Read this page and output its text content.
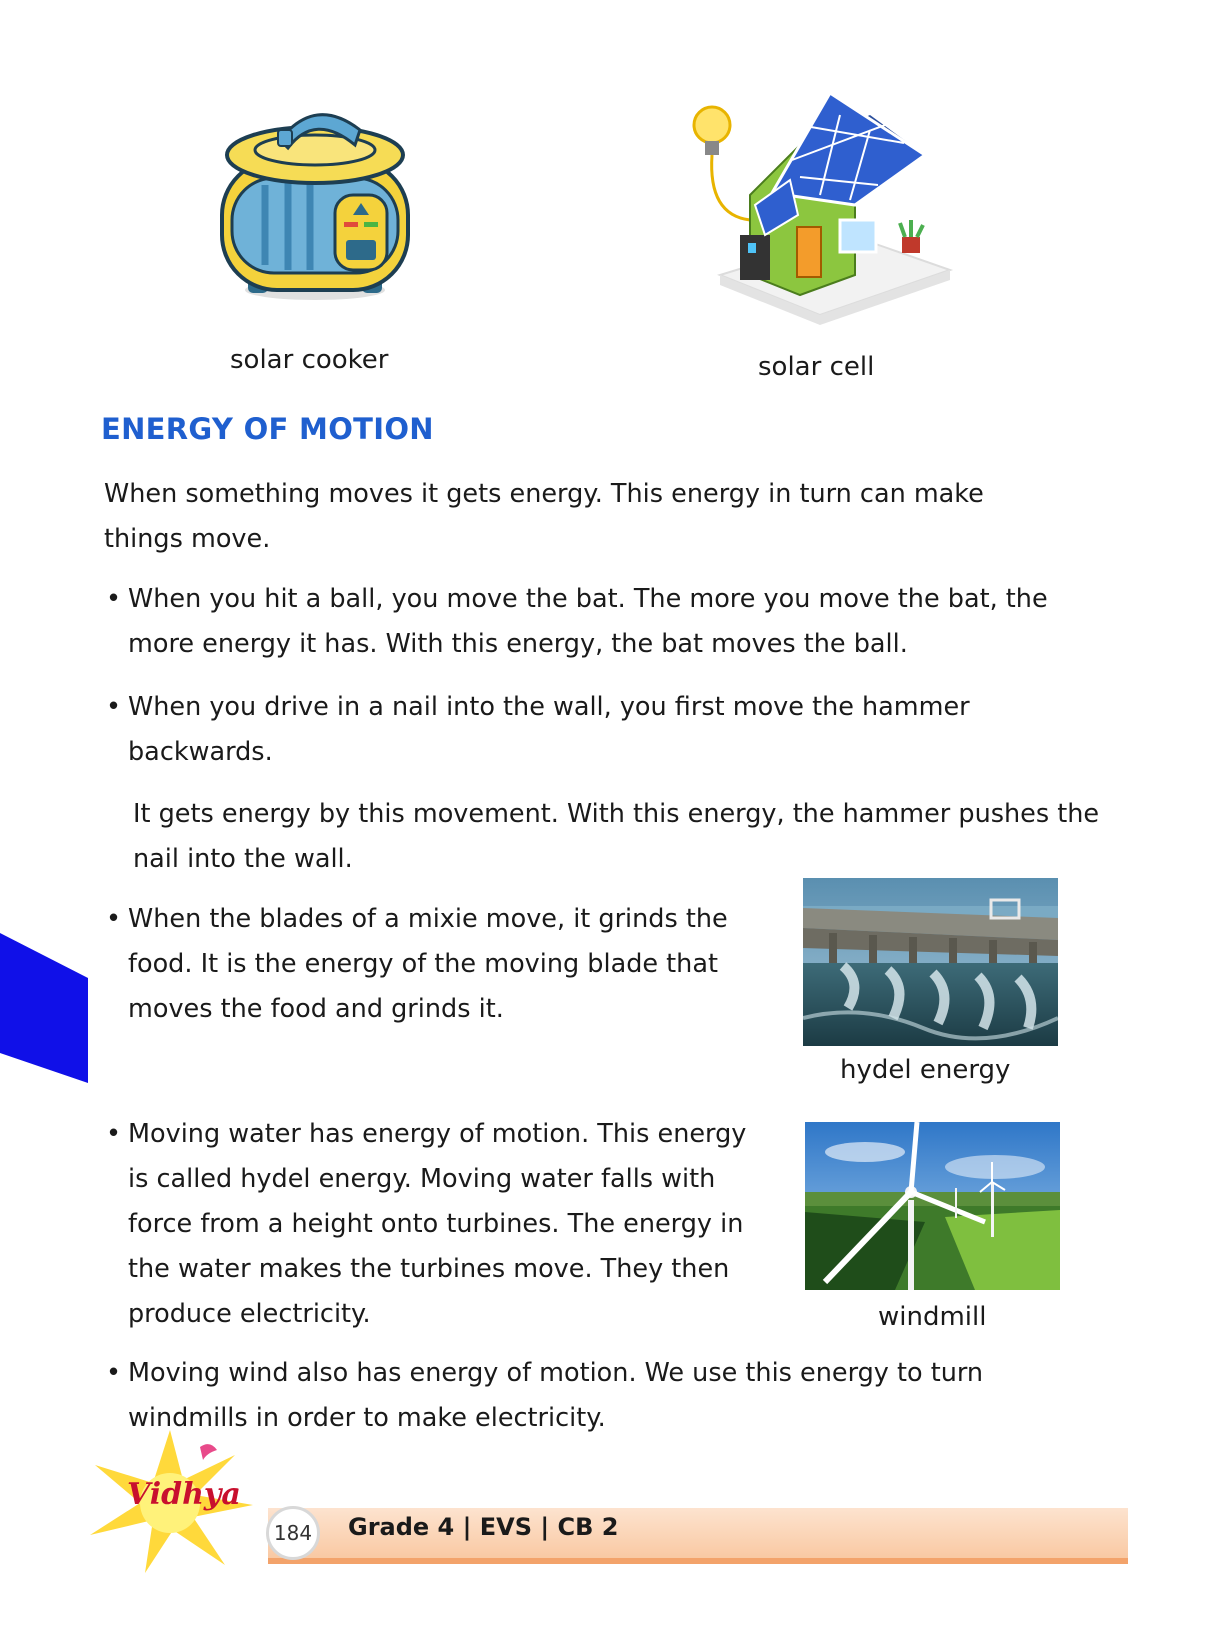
solar cooker	solar cell
ENERGY OF MOTION
When something moves it gets energy. This energy in turn can make things move.
• When you hit a ball, you move the bat. The more you move the bat, the more energy it has. With this energy, the bat moves the ball.
• When you drive in a nail into the wall, you first move the hammer backwards.
It gets energy by this movement. With this energy, the hammer pushes the nail into the wall.
• When the blades of a mixie move, it grinds the food. It is the energy of the moving blade that moves the food and grinds it.
hydel energy
• Moving water has energy of motion. This energy is called hydel energy. Moving water falls with force from a height onto turbines. The energy in the water makes the turbines move. They then produce electricity.	windmill
• Moving wind also has energy of motion. We use this energy to turn windmills in order to make electricity.
Vidhya
184	Grade 4 | EVS | CB 2
